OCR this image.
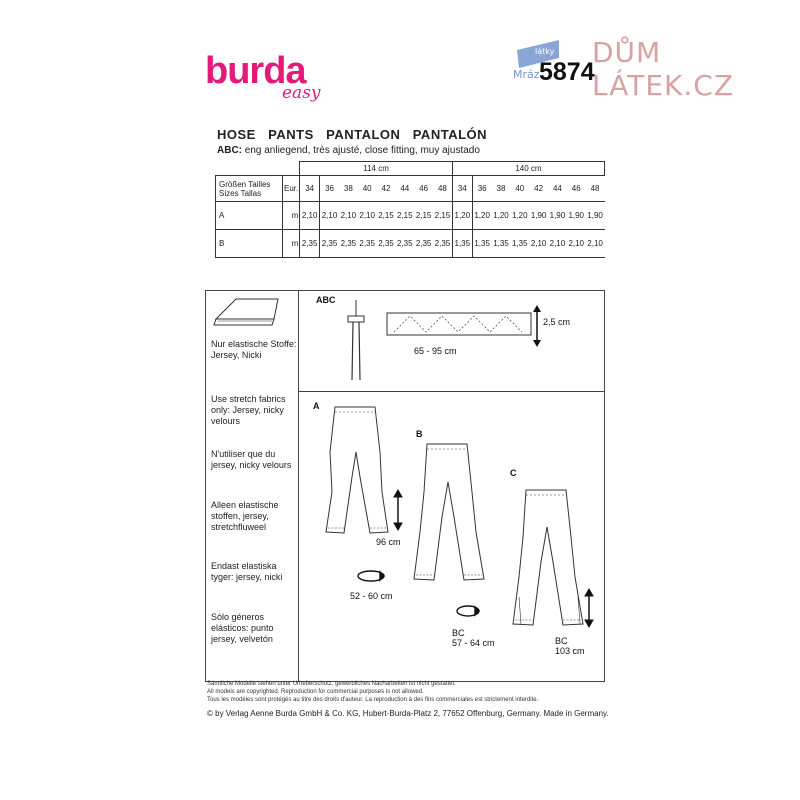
burda
easy
látky
Mráz 5874
DŮM LÁTEK.CZ
HOSE   PANTS   PANTALON   PANTALÓN
ABC: eng anliegend, très ajusté, close fitting, muy ajustado
		114 cm								140 cm							
Größen Tailles
Sizes Tallas	Eur.	34	36	38	40	42	44	46	48	34	36	38	40	42	44	46	48
A	m	2,10	2,10	2,10	2,10	2,15	2,15	2,15	2,15	1,20	1,20	1,20	1,20	1,90	1,90	1,90	1,90
B	m	2,35	2,35	2,35	2,35	2,35	2,35	2,35	2,35	1,35	1,35	1,35	1,35	2,10	2,10	2,10	2,10
Nur elastische Stoffe: Jersey, Nicki
Use stretch fabrics only: Jersey, nicky velours
N'utiliser que du jersey, nicky velours
Alleen elastische stoffen, jersey, stretchfluweel
Endast elastiska tyger: jersey, nicki
Sólo géneros elásticos: punto jersey, velvetón
ABC
2,5 cm
65 - 95 cm
A
B
C
96 cm
52 - 60 cm
BC
57 - 64 cm	BC
103 cm
Sämtliche Modelle stehen unter Urheberschutz, gewerbliches Nacharbeiten ist nicht gestattet.
All models are copyrighted. Reproduction for commercial purposes is not allowed.
Tous les modèles sont protégés au titre des droits d'auteur. La reproduction à des fins commerciales est strictement interdite.
© by Verlag Aenne Burda GmbH & Co. KG, Hubert-Burda-Platz 2, 77652 Offenburg, Germany. Made in Germany.
